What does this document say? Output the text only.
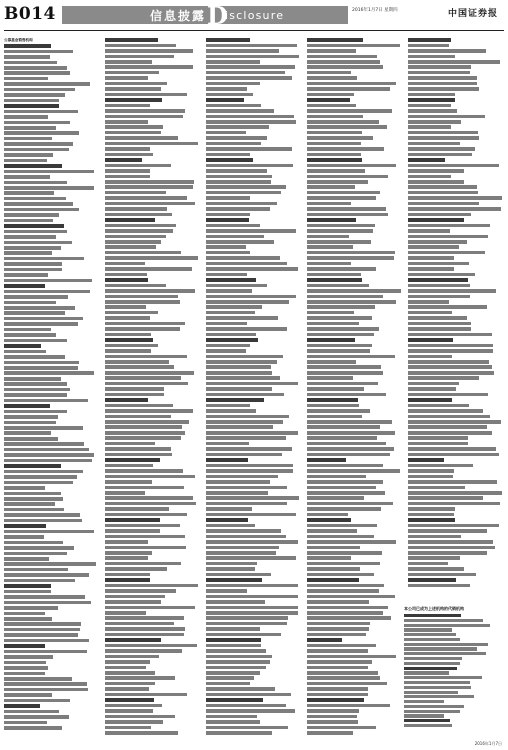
B014	信息披露 D
isclosure	2016年1月7日 星期四	中国证券报
公募基金销售机构
本公司已成为上述机构的代销机构
2016年1月7日
